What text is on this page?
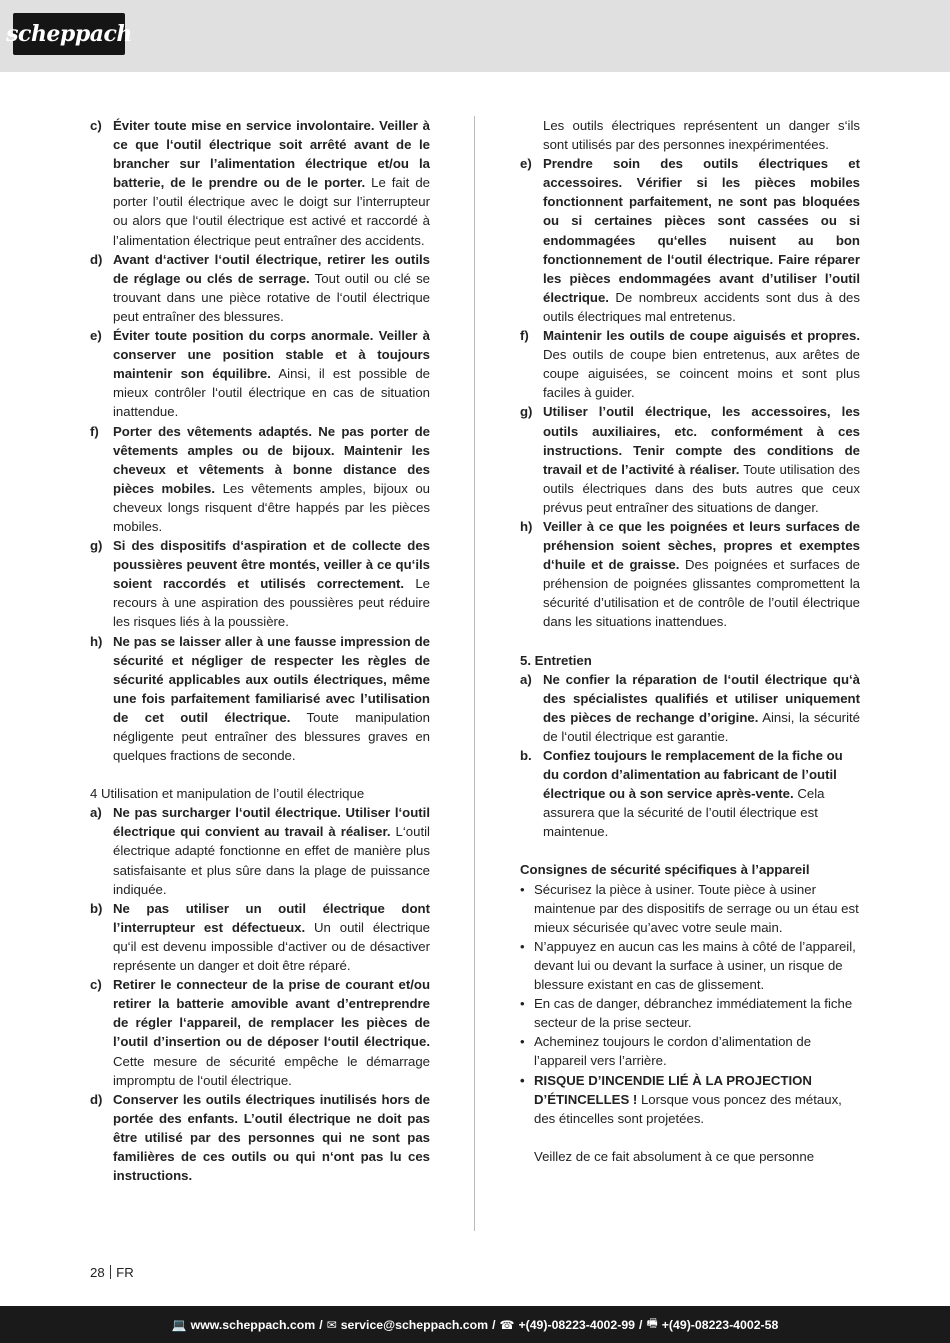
scheppach

c) Éviter toute mise en service involontaire. Veiller à ce que l‘outil électrique soit arrêté avant de le brancher sur l’alimentation électrique et/ou la batterie, de le prendre ou de le porter. Le fait de porter l’outil électrique avec le doigt sur l’interrupteur ou alors que l‘outil électrique est activé et raccordé à l’alimentation électrique peut entraîner des accidents.

d) Avant d‘activer l‘outil électrique, retirer les outils de réglage ou clés de serrage. Tout outil ou clé se trouvant dans une pièce rotative de l‘outil électrique peut entraîner des blessures.

e) Éviter toute position du corps anormale. Veiller à conserver une position stable et à toujours maintenir son équilibre. Ainsi, il est possible de mieux contrôler l‘outil électrique en cas de situation inattendue.

f) Porter des vêtements adaptés. Ne pas porter de vêtements amples ou de bijoux. Maintenir les cheveux et vêtements à bonne distance des pièces mobiles. Les vêtements amples, bijoux ou cheveux longs risquent d‘être happés par les pièces mobiles.

g) Si des dispositifs d‘aspiration et de collecte des poussières peuvent être montés, veiller à ce qu‘ils soient raccordés et utilisés correctement. Le recours à une aspiration des poussières peut réduire les risques liés à la poussière.

h) Ne pas se laisser aller à une fausse impression de sécurité et négliger de respecter les règles de sécurité applicables aux outils électriques, même une fois parfaitement familiarisé avec l’utilisation de cet outil électrique. Toute manipulation négligente peut entraîner des blessures graves en quelques fractions de seconde.

4 Utilisation et manipulation de l’outil électrique

a) Ne pas surcharger l‘outil électrique. Utiliser l‘outil électrique qui convient au travail à réaliser. L‘outil électrique adapté fonctionne en effet de manière plus satisfaisante et plus sûre dans la plage de puissance indiquée.

b) Ne pas utiliser un outil électrique dont l’interrupteur est défectueux. Un outil électrique qu‘il est devenu impossible d‘activer ou de désactiver représente un danger et doit être réparé.

c) Retirer le connecteur de la prise de courant et/ou retirer la batterie amovible avant d’entreprendre de régler l‘appareil, de remplacer les pièces de l’outil d’insertion ou de déposer l‘outil électrique. Cette mesure de sécurité empêche le démarrage impromptu de l‘outil électrique.

d) Conserver les outils électriques inutilisés hors de portée des enfants. L’outil électrique ne doit pas être utilisé par des personnes qui ne sont pas familières de ces outils ou qui n‘ont pas lu ces instructions.

Les outils électriques représentent un danger s‘ils sont utilisés par des personnes inexpérimentées.

e) Prendre soin des outils électriques et accessoires. Vérifier si les pièces mobiles fonctionnent parfaitement, ne sont pas bloquées ou si certaines pièces sont cassées ou si endommagées qu‘elles nuisent au bon fonctionnement de l‘outil électrique. Faire réparer les pièces endommagées avant d’utiliser l’outil électrique. De nombreux accidents sont dus à des outils électriques mal entretenus.

f) Maintenir les outils de coupe aiguisés et propres. Des outils de coupe bien entretenus, aux arêtes de coupe aiguisées, se coincent moins et sont plus faciles à guider.

g) Utiliser l’outil électrique, les accessoires, les outils auxiliaires, etc. conformément à ces instructions. Tenir compte des conditions de travail et de l’activité à réaliser. Toute utilisation des outils électriques dans des buts autres que ceux prévus peut entraîner des situations de danger.

h) Veiller à ce que les poignées et leurs surfaces de préhension soient sèches, propres et exemptes d‘huile et de graisse. Des poignées et surfaces de préhension de poignées glissantes compromettent la sécurité d’utilisation et de contrôle de l’outil électrique dans les situations inattendues.

5. Entretien

a) Ne confier la réparation de l‘outil électrique qu‘à des spécialistes qualifiés et utiliser uniquement des pièces de rechange d’origine. Ainsi, la sécurité de l‘outil électrique est garantie.

b. Confiez toujours le remplacement de la fiche ou du cordon d’alimentation au fabricant de l’outil électrique ou à son service après-vente. Cela assurera que la sécurité de l’outil électrique est maintenue.

Consignes de sécurité spécifiques à l’appareil

• Sécurisez la pièce à usiner. Toute pièce à usiner maintenue par des dispositifs de serrage ou un étau est mieux sécurisée qu’avec votre seule main.

• N’appuyez en aucun cas les mains à côté de l’appareil, devant lui ou devant la surface à usiner, un risque de blessure existant en cas de glissement.

• En cas de danger, débranchez immédiatement la fiche secteur de la prise secteur.

• Acheminez toujours le cordon d’alimentation de l’appareil vers l’arrière.

• RISQUE D’INCENDIE LIÉ À LA PROJECTION D’ÉTINCELLES ! Lorsque vous poncez des métaux, des étincelles sont projetées.

Veillez de ce fait absolument à ce que personne

28 FR
💻 www.scheppach.com / ✉ service@scheppach.com / ☎ +(49)-08223-4002-99 / 🖷 +(49)-08223-4002-58
